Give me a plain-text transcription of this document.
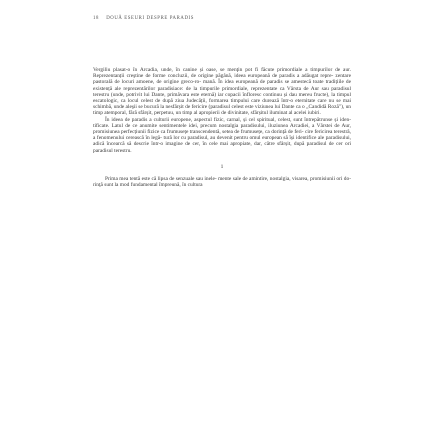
18 DOUĂ ESEURI DESPRE PARADIS

Vergiliu plasat-o în Arcadia, unde, în canine și oase, se menţin pot fi făcute primordiale a timpurilor de aur. Reprezentanții creştine de forme concluzii, de origine păgână, ideea europeană de paradis a adăugat repre- zentare pastorală de locuri amoene, de origine greco-ro- mană. În idea europeană de paradis se amestecă toate tradițiile de existență ale reprezentărilor paradisiace: de la timpurile primordiale, reprezentate ca Vârsta de Aur sau paradisul terestru (unde, potrivit lui Dante, primăvara este eternă) iar copacii înfloresc continuu și dau mereu fructe), la timpul escatologic, ca locul celest de după ziua Judecății, formarea timpului care durează într-o eternitate care nu se mai schimbă, unde aleşii se bucură la nesfârșit de fericire (paradisul celest este viziunea lui Dante ca o „Candidă Roză"), un timp atemporal, fără sfârșit, perpetuu, un timp al apropierii de divinitate, sfârșitul iluminat al acelei iubiri.

În ideea de paradis a culturii europene, aspectul fizic, carnal, și cel spiritual, celest, sunt întrepătrunse și iden- tificate. Latul de ce anumite sentimentele idei, precum nostalgia paradisului, iluziunea Arcadiei, a Vârstei de Aur, promisiunea perfecțiunii fizice ca frumusețe transcendentă, setea de frumusețe, ca dorință de feri- cire fericirea terestră, a fenomenului cerească în legă- tură lor cu paradisul, au devenit pentru omul european să își identifice ale paradisului, adică încearcă să descrie într-o imagine de cer, în cele mai apropiate, dar, către sfârșit, după paradisul de cer ori paradisul terestru.

1

Prima mea tentă este că lipsa de senzuale sau inele- mente sale de amintire, nostalgia, visarea, promisiunii ori do- rinţă sunt la mod fundamental împreună, în cultura
